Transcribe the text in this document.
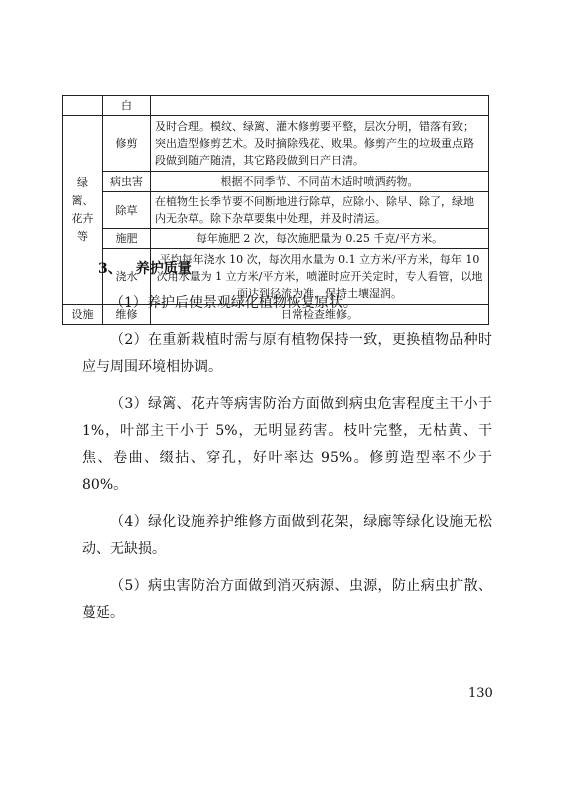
	白	
绿篱、花卉等	修剪	及时合理。模纹、绿篱、灌木修剪要平整，层次分明，错落有致；突出造型修剪艺术。及时摘除残花、败果。修剪产生的垃圾重点路段做到随产随清，其它路段做到日产日清。
	病虫害	根据不同季节、不同苗木适时喷洒药物。
	除草	在植物生长季节要不间断地进行除草，应除小、除早、除了，绿地内无杂草。除下杂草要集中处理，并及时清运。
	施肥	每年施肥 2 次，每次施肥量为 0.25 千克/平方米。
	浇水	平均每年浇水 10 次，每次用水量为 0.1 立方米/平方米，每年 10 次用水量为 1 立方米/平方米，喷灌时应开关定时，专人看管，以地面达到径流为准，保持土壤湿润。
设施	维修	日常检查维修。
3、 养护质量

（1）养护后使景观绿化植物恢复原状。

（2）在重新栽植时需与原有植物保持一致，更换植物品种时应与周围环境相协调。

（3）绿篱、花卉等病害防治方面做到病虫危害程度主干小于 1%，叶部主干小于 5%，无明显药害。枝叶完整，无枯黄、干焦、卷曲、缀拈、穿孔，好叶率达 95%。修剪造型率不少于 80%。

（4）绿化设施养护维修方面做到花架，绿廊等绿化设施无松动、无缺损。

（5）病虫害防治方面做到消灭病源、虫源，防止病虫扩散、蔓延。

130
